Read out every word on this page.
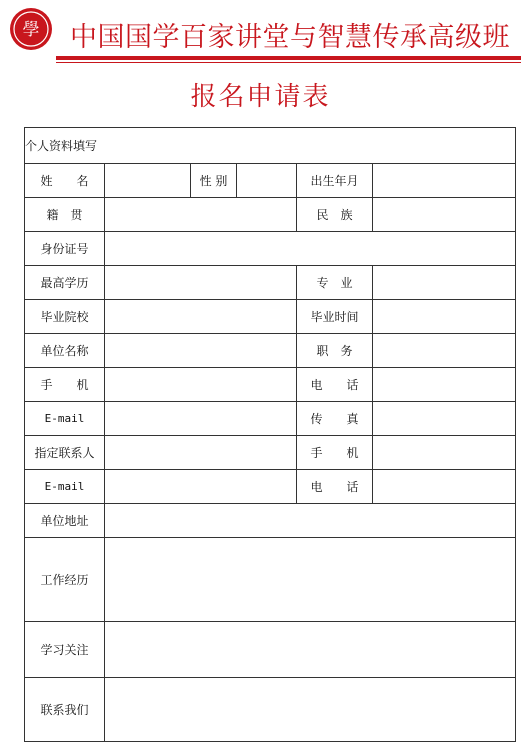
學 中国国学百家讲堂与智慧传承高级班
报名申请表
个人资料填写					
姓　　名		性 别		出生年月	
籍　贯				民　族	
身份证号					
最高学历				专　业	
毕业院校				毕业时间	
单位名称				职　务	
手　　机				电　　话	
E-mail				传　　真	
指定联系人				手　　机	
E-mail				电　　话	
单位地址					
工作经历					
学习关注					
联系我们					
